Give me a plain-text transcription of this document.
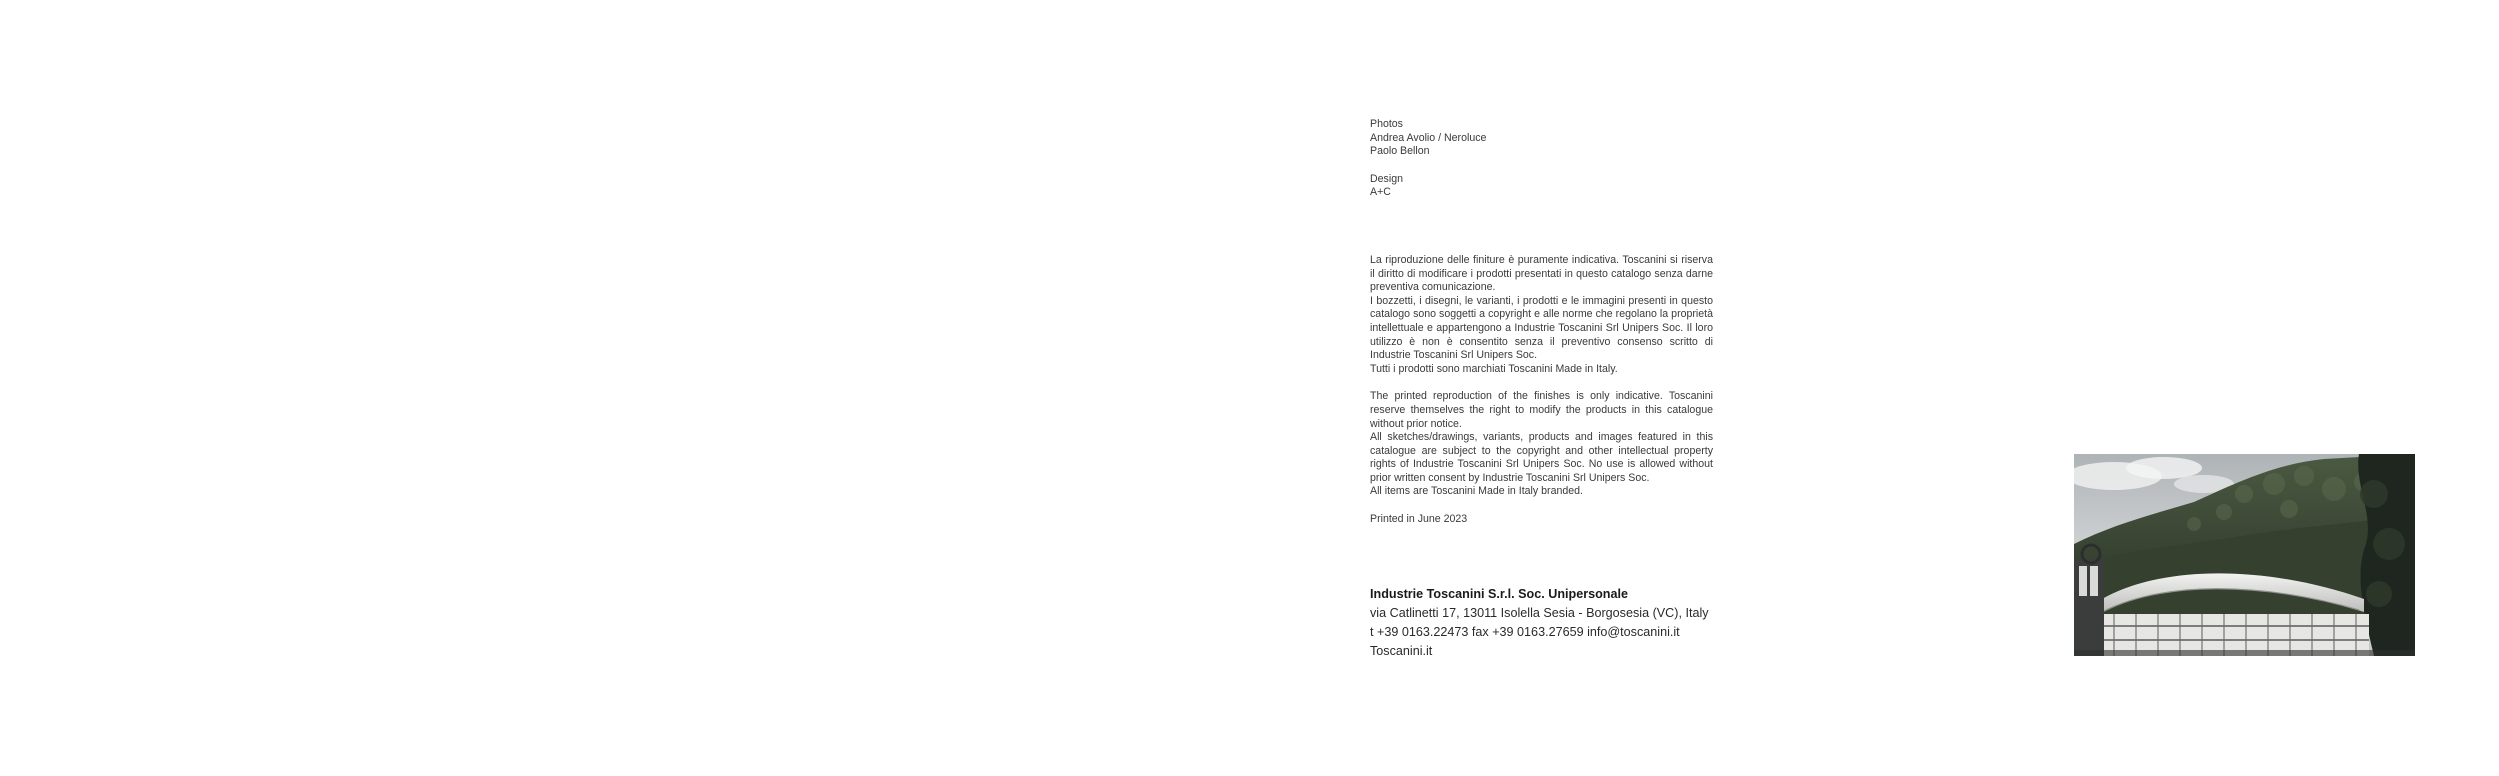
Photos

Andrea Avolio / Neroluce

Paolo Bellon

Design

A+C

La riproduzione delle finiture è puramente indicativa. Toscanini si riserva il diritto di modificare i prodotti presentati in questo catalogo senza darne preventiva comunicazione.

I bozzetti, i disegni, le varianti, i prodotti e le immagini presenti in questo catalogo sono soggetti a copyright e alle norme che regolano la proprietà intellettuale e appartengono a Industrie Toscanini Srl Unipers Soc. Il loro utilizzo è non è consentito senza il preventivo consenso scritto di Industrie Toscanini Srl Unipers Soc.

Tutti i prodotti sono marchiati Toscanini Made in Italy.

The printed reproduction of the finishes is only indicative. Toscanini reserve themselves the right to modify the products in this catalogue without prior notice.

All sketches/drawings, variants, products and images featured in this catalogue are subject to the copyright and other intellectual property rights of Industrie Toscanini Srl Unipers Soc. No use is allowed without prior written consent by Industrie Toscanini Srl Unipers Soc.

All items are Toscanini Made in Italy branded.

Printed in June 2023

Industrie Toscanini S.r.l. Soc. Unipersonale

via Catlinetti 17, 13011 Isolella Sesia - Borgosesia (VC), Italy

t +39 0163.22473 fax +39 0163.27659 info@toscanini.it

Toscanini.it
